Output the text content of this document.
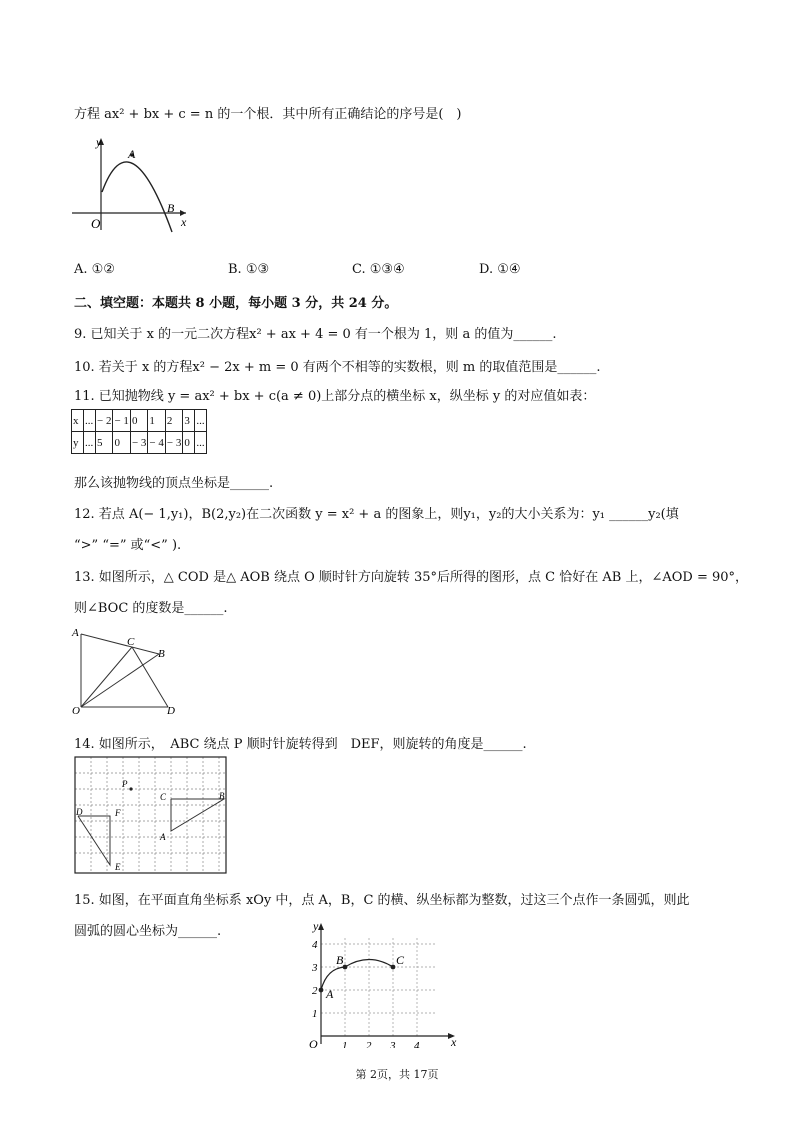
方程 ax² + bx + c = n 的一个根．其中所有正确结论的序号是(　)
y
x
O
A
B
A. ①②	B. ①③	C. ①③④	D. ①④
二、填空题：本题共 8 小题，每小题 3 分，共 24 分。
9. 已知关于 x 的一元二次方程x² + ax + 4 = 0 有一个根为 1，则 a 的值为______.
10. 若关于 x 的方程x² − 2x + m = 0 有两个不相等的实数根，则 m 的取值范围是______.
11. 已知抛物线 y = ax² + bx + c(a ≠ 0)上部分点的横坐标 x，纵坐标 y 的对应值如表：
x	...	− 2	− 1	0	1	2	3	...
y	...	5	0	− 3	− 4	− 3	0	...
那么该抛物线的顶点坐标是______.
12. 若点 A(− 1,y₁)，B(2,y₂)在二次函数 y = x² + a 的图象上，则y₁，y₂的大小关系为：y₁ ______y₂(填
“>” “=” 或“<” ).
13. 如图所示，△ COD 是△ AOB 绕点 O 顺时针方向旋转 35°后所得的图形，点 C 恰好在 AB 上，∠AOD = 90°，
则∠BOC 的度数是______.
A
C
B
O	D
14. 如图所示，　ABC 绕点 P 顺时针旋转得到　DEF，则旋转的角度是______.
P
C	B
A
D	F
E
15. 如图，在平面直角坐标系 xOy 中，点 A，B，C 的横、纵坐标都为整数，过这三个点作一条圆弧，则此
圆弧的圆心坐标为______.	y
x
O 1 2 3 4
1
2
3
4
A
B	C
第 2页，共 17页
